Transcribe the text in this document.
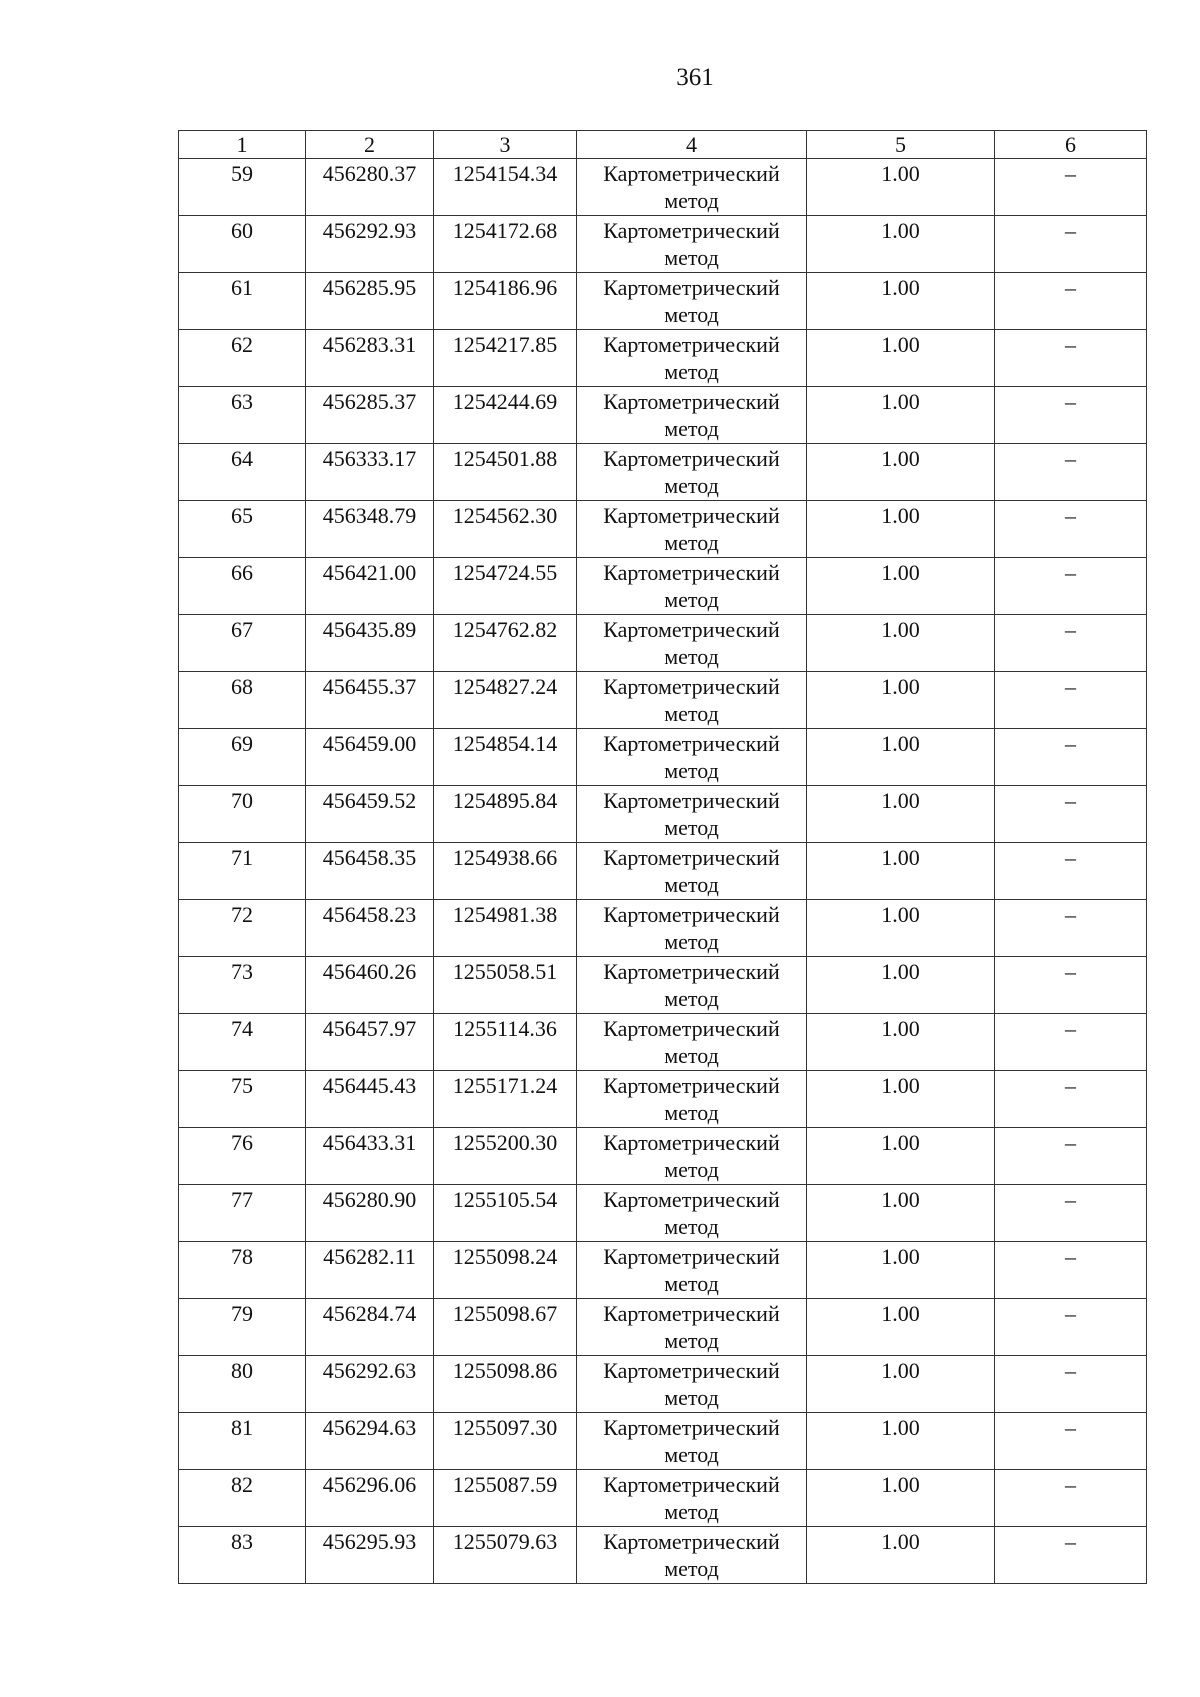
361
1	2	3	4	5	6
59	456280.37	1254154.34	Картометрический метод	1.00	–
60	456292.93	1254172.68	Картометрический метод	1.00	–
61	456285.95	1254186.96	Картометрический метод	1.00	–
62	456283.31	1254217.85	Картометрический метод	1.00	–
63	456285.37	1254244.69	Картометрический метод	1.00	–
64	456333.17	1254501.88	Картометрический метод	1.00	–
65	456348.79	1254562.30	Картометрический метод	1.00	–
66	456421.00	1254724.55	Картометрический метод	1.00	–
67	456435.89	1254762.82	Картометрический метод	1.00	–
68	456455.37	1254827.24	Картометрический метод	1.00	–
69	456459.00	1254854.14	Картометрический метод	1.00	–
70	456459.52	1254895.84	Картометрический метод	1.00	–
71	456458.35	1254938.66	Картометрический метод	1.00	–
72	456458.23	1254981.38	Картометрический метод	1.00	–
73	456460.26	1255058.51	Картометрический метод	1.00	–
74	456457.97	1255114.36	Картометрический метод	1.00	–
75	456445.43	1255171.24	Картометрический метод	1.00	–
76	456433.31	1255200.30	Картометрический метод	1.00	–
77	456280.90	1255105.54	Картометрический метод	1.00	–
78	456282.11	1255098.24	Картометрический метод	1.00	–
79	456284.74	1255098.67	Картометрический метод	1.00	–
80	456292.63	1255098.86	Картометрический метод	1.00	–
81	456294.63	1255097.30	Картометрический метод	1.00	–
82	456296.06	1255087.59	Картометрический метод	1.00	–
83	456295.93	1255079.63	Картометрический метод	1.00	–
